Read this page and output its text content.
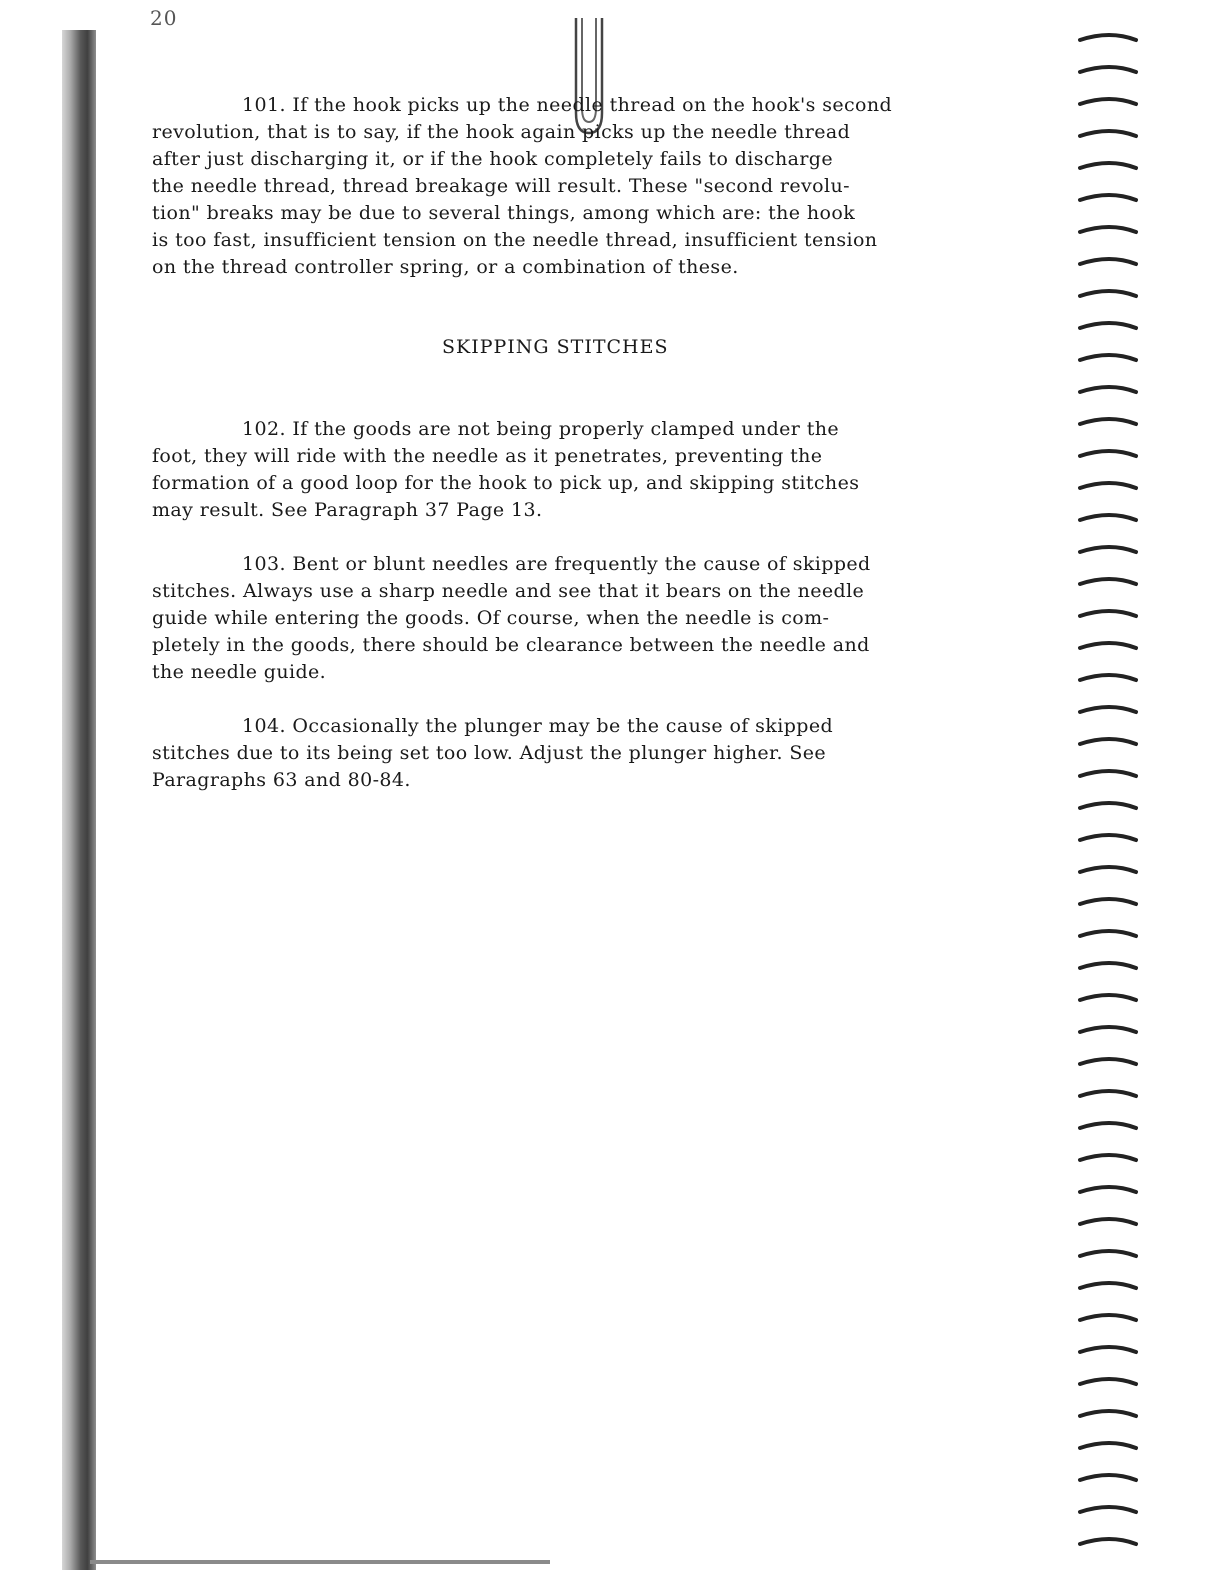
20

101. If the hook picks up the needle thread on the hook's second
revolution, that is to say, if the hook again picks up the needle thread
after just discharging it, or if the hook completely fails to discharge
the needle thread, thread breakage will result. These "second revolu-
tion" breaks may be due to several things, among which are: the hook
is too fast, insufficient tension on the needle thread, insufficient tension
on the thread controller spring, or a combination of these.

SKIPPING STITCHES

102. If the goods are not being properly clamped under the
foot, they will ride with the needle as it penetrates, preventing the
formation of a good loop for the hook to pick up, and skipping stitches
may result. See Paragraph 37 Page 13.

103. Bent or blunt needles are frequently the cause of skipped
stitches. Always use a sharp needle and see that it bears on the needle
guide while entering the goods. Of course, when the needle is com-
pletely in the goods, there should be clearance between the needle and
the needle guide.

104. Occasionally the plunger may be the cause of skipped
stitches due to its being set too low. Adjust the plunger higher. See
Paragraphs 63 and 80-84.
